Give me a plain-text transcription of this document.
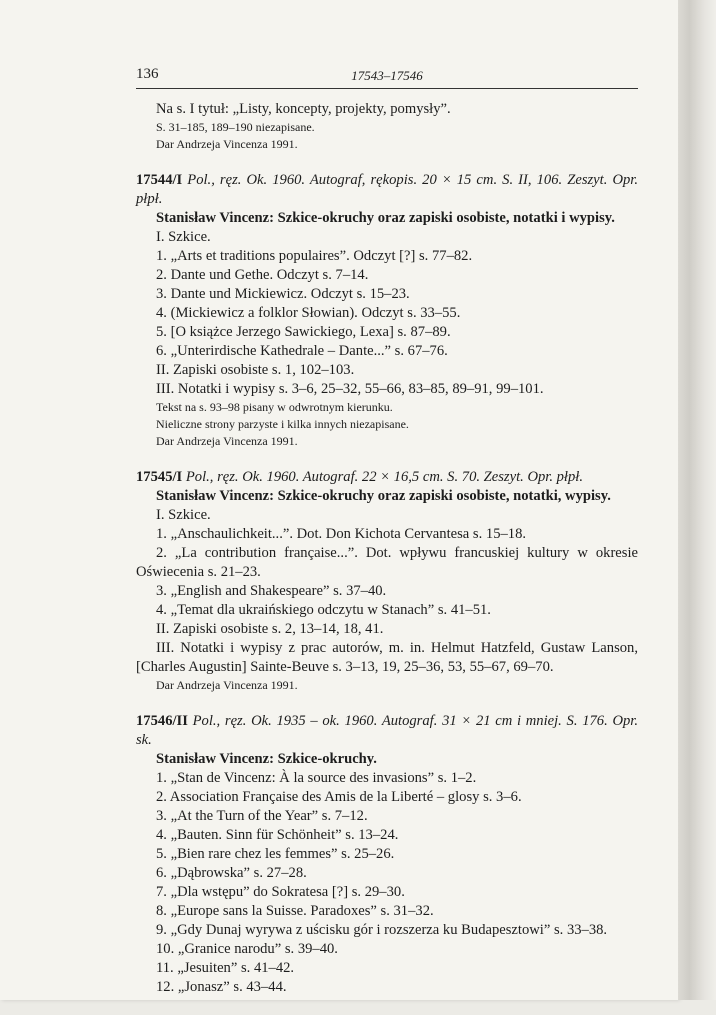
136	17543–17546

Na s. I tytuł: „Listy, koncepty, projekty, pomysły”.

S. 31–185, 189–190 niezapisane.

Dar Andrzeja Vincenza 1991.

17544/I Pol., ręz. Ok. 1960. Autograf, rękopis. 20 × 15 cm. S. II, 106. Zeszyt. Opr. płpł.

Stanisław Vincenz: Szkice-okruchy oraz zapiski osobiste, notatki i wypisy.

I. Szkice.

1. „Arts et traditions populaires”. Odczyt [?] s. 77–82.

2. Dante und Gethe. Odczyt s. 7–14.

3. Dante und Mickiewicz. Odczyt s. 15–23.

4. (Mickiewicz a folklor Słowian). Odczyt s. 33–55.

5. [O książce Jerzego Sawickiego, Lexa] s. 87–89.

6. „Unterirdische Kathedrale – Dante...” s. 67–76.

II. Zapiski osobiste s. 1, 102–103.

III. Notatki i wypisy s. 3–6, 25–32, 55–66, 83–85, 89–91, 99–101.

Tekst na s. 93–98 pisany w odwrotnym kierunku.

Nieliczne strony parzyste i kilka innych niezapisane.

Dar Andrzeja Vincenza 1991.

17545/I Pol., ręz. Ok. 1960. Autograf. 22 × 16,5 cm. S. 70. Zeszyt. Opr. płpł.

Stanisław Vincenz: Szkice-okruchy oraz zapiski osobiste, notatki, wypisy.

I. Szkice.

1. „Anschaulichkeit...”. Dot. Don Kichota Cervantesa s. 15–18.

2. „La contribution française...”. Dot. wpływu francuskiej kultury w okresie Oświecenia s. 21–23.

3. „English and Shakespeare” s. 37–40.

4. „Temat dla ukraińskiego odczytu w Stanach” s. 41–51.

II. Zapiski osobiste s. 2, 13–14, 18, 41.

III. Notatki i wypisy z prac autorów, m. in. Helmut Hatzfeld, Gustaw Lanson, [Charles Augustin] Sainte-Beuve s. 3–13, 19, 25–36, 53, 55–67, 69–70.

Dar Andrzeja Vincenza 1991.

17546/II Pol., ręz. Ok. 1935 – ok. 1960. Autograf. 31 × 21 cm i mniej. S. 176. Opr. sk.

Stanisław Vincenz: Szkice-okruchy.

1. „Stan de Vincenz: À la source des invasions” s. 1–2.

2. Association Française des Amis de la Liberté – glosy s. 3–6.

3. „At the Turn of the Year” s. 7–12.

4. „Bauten. Sinn für Schönheit” s. 13–24.

5. „Bien rare chez les femmes” s. 25–26.

6. „Dąbrowska” s. 27–28.

7. „Dla wstępu” do Sokratesa [?] s. 29–30.

8. „Europe sans la Suisse. Paradoxes” s. 31–32.

9. „Gdy Dunaj wyrywa z uścisku gór i rozszerza ku Budapesztowi” s. 33–38.

10. „Granice narodu” s. 39–40.

11. „Jesuiten” s. 41–42.

12. „Jonasz” s. 43–44.
